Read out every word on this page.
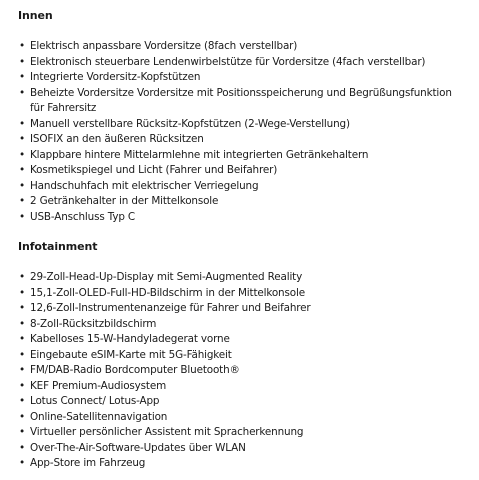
Innen
• Elektrisch anpassbare Vordersitze (8fach verstellbar)
• Elektronisch steuerbare Lendenwirbelstütze für Vordersitze (4fach verstellbar)
• Integrierte Vordersitz-Kopfstützen
• Beheizte Vordersitze Vordersitze mit Positionsspeicherung und Begrüßungsfunktion für Fahrersitz
• Manuell verstellbare Rücksitz-Kopfstützen (2-Wege-Verstellung)
• ISOFIX an den äußeren Rücksitzen
• Klappbare hintere Mittelarmlehne mit integrierten Getränkehaltern
• Kosmetikspiegel und Licht (Fahrer und Beifahrer)
• Handschuhfach mit elektrischer Verriegelung
• 2 Getränkehalter in der Mittelkonsole
• USB-Anschluss Typ C
Infotainment
• 29-Zoll-Head-Up-Display mit Semi-Augmented Reality
• 15,1-Zoll-OLED-Full-HD-Bildschirm in der Mittelkonsole
• 12,6-Zoll-Instrumentenanzeige für Fahrer und Beifahrer
• 8-Zoll-Rücksitzbildschirm
• Kabelloses 15-W-Handyladegerat vorne
• Eingebaute eSIM-Karte mit 5G-Fähigkeit
• FM/DAB-Radio Bordcomputer Bluetooth®
• KEF Premium-Audiosystem
• Lotus Connect/ Lotus-App
• Online-Satellitennavigation
• Virtueller persönlicher Assistent mit Spracherkennung
• Over-The-Air-Software-Updates über WLAN
• App-Store im Fahrzeug
